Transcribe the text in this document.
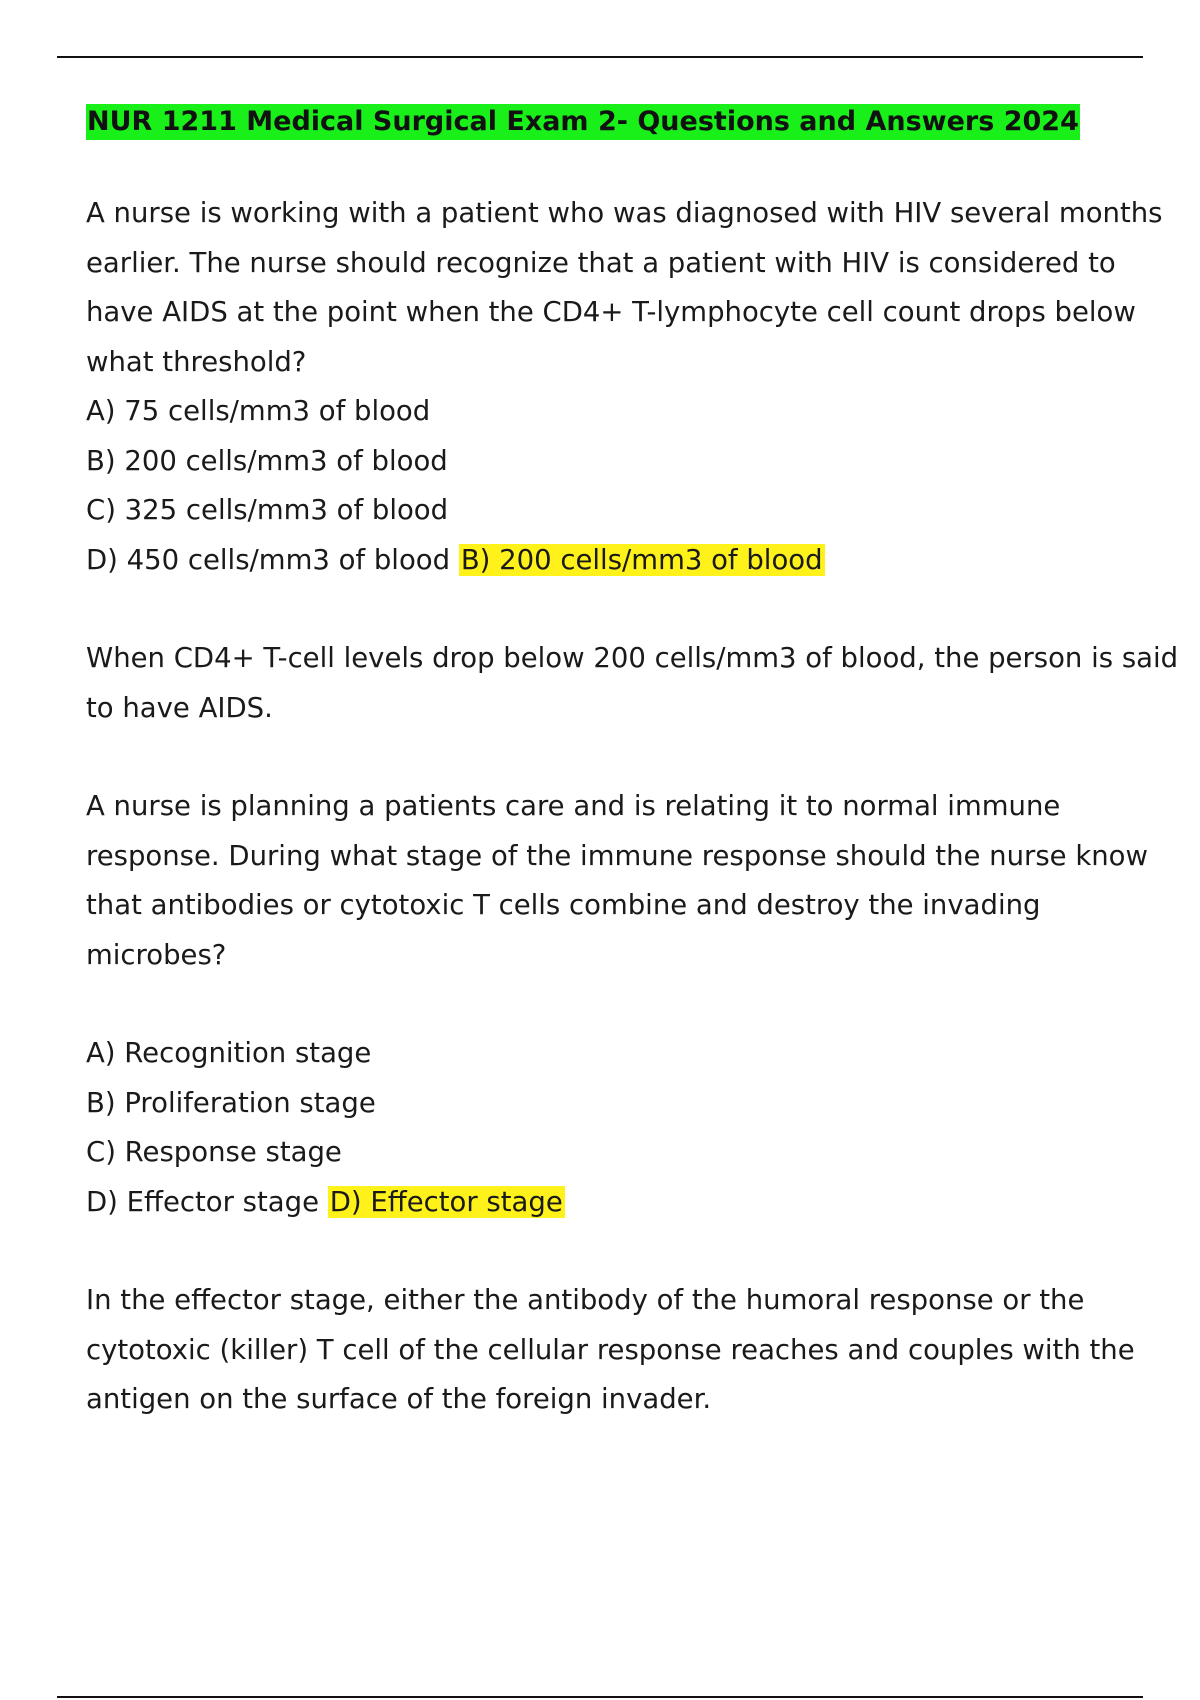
NUR 1211 Medical Surgical Exam 2- Questions and Answers 2024

A nurse is working with a patient who was diagnosed with HIV several months earlier. The nurse should recognize that a patient with HIV is considered to have AIDS at the point when the CD4+ T-lymphocyte cell count drops below what threshold?

A) 75 cells/mm3 of blood

B) 200 cells/mm3 of blood

C) 325 cells/mm3 of blood

D) 450 cells/mm3 of blood B) 200 cells/mm3 of blood

When CD4+ T-cell levels drop below 200 cells/mm3 of blood, the person is said to have AIDS.

A nurse is planning a patients care and is relating it to normal immune response. During what stage of the immune response should the nurse know that antibodies or cytotoxic T cells combine and destroy the invading microbes?

A) Recognition stage

B) Proliferation stage

C) Response stage

D) Effector stage D) Effector stage

In the effector stage, either the antibody of the humoral response or the cytotoxic (killer) T cell of the cellular response reaches and couples with the antigen on the surface of the foreign invader.
